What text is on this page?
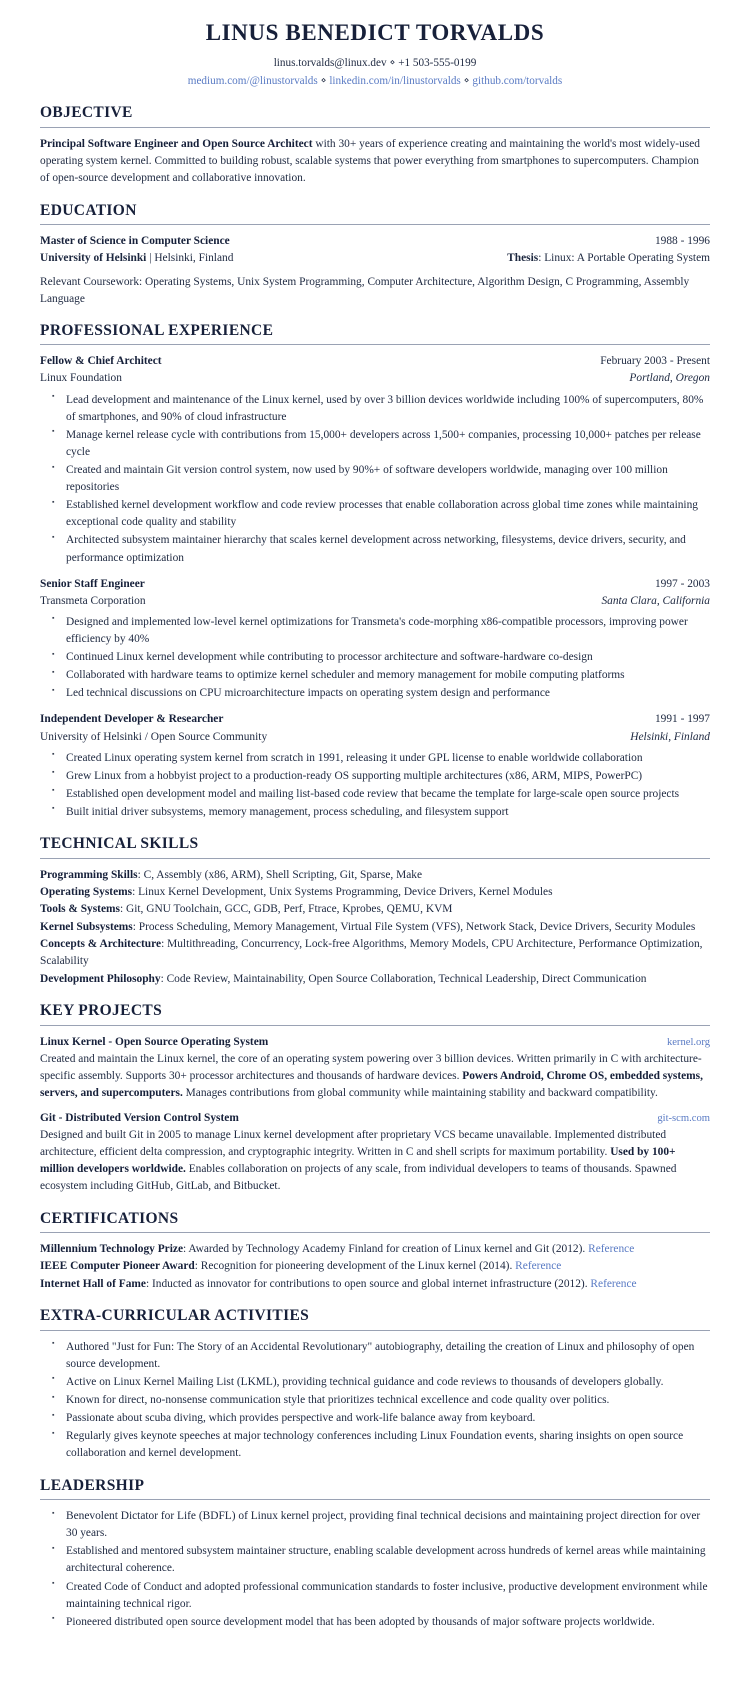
LINUS BENEDICT TORVALDS
linus.torvalds@linux.dev ⋄ +1 503-555-0199
medium.com/@linustorvalds ⋄ linkedin.com/in/linustorvalds ⋄ github.com/torvalds
OBJECTIVE

Principal Software Engineer and Open Source Architect with 30+ years of experience creating and maintaining the world's most widely-used operating system kernel. Committed to building robust, scalable systems that power everything from smartphones to supercomputers. Champion of open-source development and collaborative innovation.

EDUCATION
Master of Science in Computer Science	1988 - 1996
University of Helsinki | Helsinki, Finland	Thesis: Linux: A Portable Operating System

Relevant Coursework: Operating Systems, Unix System Programming, Computer Architecture, Algorithm Design, C Programming, Assembly Language

PROFESSIONAL EXPERIENCE
Fellow & Chief Architect	February 2003 - Present
Linux Foundation	Portland, Oregon
▪ Lead development and maintenance of the Linux kernel, used by over 3 billion devices worldwide including 100% of supercomputers, 80% of smartphones, and 90% of cloud infrastructure
▪ Manage kernel release cycle with contributions from 15,000+ developers across 1,500+ companies, processing 10,000+ patches per release cycle
▪ Created and maintain Git version control system, now used by 90%+ of software developers worldwide, managing over 100 million repositories
▪ Established kernel development workflow and code review processes that enable collaboration across global time zones while maintaining exceptional code quality and stability
▪ Architected subsystem maintainer hierarchy that scales kernel development across networking, filesystems, device drivers, security, and performance optimization
Senior Staff Engineer	1997 - 2003
Transmeta Corporation	Santa Clara, California
▪ Designed and implemented low-level kernel optimizations for Transmeta's code-morphing x86-compatible processors, improving power efficiency by 40%
▪ Continued Linux kernel development while contributing to processor architecture and software-hardware co-design
▪ Collaborated with hardware teams to optimize kernel scheduler and memory management for mobile computing platforms
▪ Led technical discussions on CPU microarchitecture impacts on operating system design and performance
Independent Developer & Researcher	1991 - 1997
University of Helsinki / Open Source Community	Helsinki, Finland
▪ Created Linux operating system kernel from scratch in 1991, releasing it under GPL license to enable worldwide collaboration
▪ Grew Linux from a hobbyist project to a production-ready OS supporting multiple architectures (x86, ARM, MIPS, PowerPC)
▪ Established open development model and mailing list-based code review that became the template for large-scale open source projects
▪ Built initial driver subsystems, memory management, process scheduling, and filesystem support
TECHNICAL SKILLS

Programming Skills: C, Assembly (x86, ARM), Shell Scripting, Git, Sparse, Make

Operating Systems: Linux Kernel Development, Unix Systems Programming, Device Drivers, Kernel Modules

Tools & Systems: Git, GNU Toolchain, GCC, GDB, Perf, Ftrace, Kprobes, QEMU, KVM

Kernel Subsystems: Process Scheduling, Memory Management, Virtual File System (VFS), Network Stack, Device Drivers, Security Modules

Concepts & Architecture: Multithreading, Concurrency, Lock-free Algorithms, Memory Models, CPU Architecture, Performance Optimization, Scalability

Development Philosophy: Code Review, Maintainability, Open Source Collaboration, Technical Leadership, Direct Communication

KEY PROJECTS
Linux Kernel - Open Source Operating System	kernel.org

Created and maintain the Linux kernel, the core of an operating system powering over 3 billion devices. Written primarily in C with architecture-specific assembly. Supports 30+ processor architectures and thousands of hardware devices. Powers Android, Chrome OS, embedded systems, servers, and supercomputers. Manages contributions from global community while maintaining stability and backward compatibility.

Git - Distributed Version Control System	git-scm.com

Designed and built Git in 2005 to manage Linux kernel development after proprietary VCS became unavailable. Implemented distributed architecture, efficient delta compression, and cryptographic integrity. Written in C and shell scripts for maximum portability. Used by 100+ million developers worldwide. Enables collaboration on projects of any scale, from individual developers to teams of thousands. Spawned ecosystem including GitHub, GitLab, and Bitbucket.

CERTIFICATIONS

Millennium Technology Prize: Awarded by Technology Academy Finland for creation of Linux kernel and Git (2012). Reference

IEEE Computer Pioneer Award: Recognition for pioneering development of the Linux kernel (2014). Reference

Internet Hall of Fame: Inducted as innovator for contributions to open source and global internet infrastructure (2012). Reference

EXTRA-CURRICULAR ACTIVITIES
▪ Authored "Just for Fun: The Story of an Accidental Revolutionary" autobiography, detailing the creation of Linux and philosophy of open source development.
▪ Active on Linux Kernel Mailing List (LKML), providing technical guidance and code reviews to thousands of developers globally.
▪ Known for direct, no-nonsense communication style that prioritizes technical excellence and code quality over politics.
▪ Passionate about scuba diving, which provides perspective and work-life balance away from keyboard.
▪ Regularly gives keynote speeches at major technology conferences including Linux Foundation events, sharing insights on open source collaboration and kernel development.
LEADERSHIP
▪ Benevolent Dictator for Life (BDFL) of Linux kernel project, providing final technical decisions and maintaining project direction for over 30 years.
▪ Established and mentored subsystem maintainer structure, enabling scalable development across hundreds of kernel areas while maintaining architectural coherence.
▪ Created Code of Conduct and adopted professional communication standards to foster inclusive, productive development environment while maintaining technical rigor.
▪ Pioneered distributed open source development model that has been adopted by thousands of major software projects worldwide.
